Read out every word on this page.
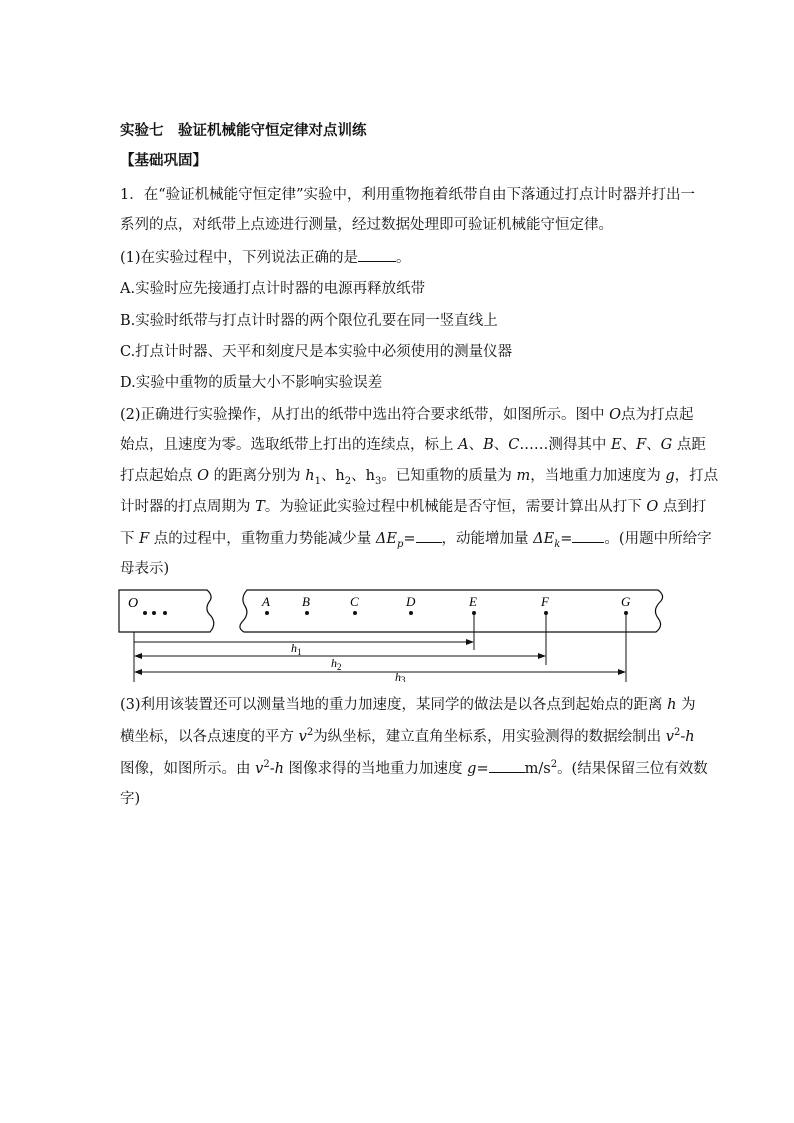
实验七　验证机械能守恒定律对点训练
【基础巩固】
1．在“验证机械能守恒定律”实验中，利用重物拖着纸带自由下落通过打点计时器并打出一
系列的点，对纸带上点迹进行测量，经过数据处理即可验证机械能守恒定律。
(1)在实验过程中，下列说法正确的是	。
A.实验时应先接通打点计时器的电源再释放纸带
B.实验时纸带与打点计时器的两个限位孔要在同一竖直线上
C.打点计时器、天平和刻度尺是本实验中必须使用的测量仪器
D.实验中重物的质量大小不影响实验误差
(2)正确进行实验操作，从打出的纸带中选出符合要求纸带，如图所示。图中 O点为打点起
始点，且速度为零。选取纸带上打出的连续点，标上 A、B、C……测得其中 E、F、G 点距
打点起始点 O 的距离分别为 $h_1$、$h_2$、$h_3$。已知重物的质量为 m，当地重力加速度为 g，打点
计时器的打点周期为 T。为验证此实验过程中机械能是否守恒，需要计算出从打下 O 点到打
下 F 点的过程中，重物重力势能减少量 $\Delta E_p=$ ，动能增加量 $\Delta E_k=$ 。(用题中所给字
母表示)
O	A B	C	D	E	F	G
$h_1$
$h_2$
h3
(3)利用该装置还可以测量当地的重力加速度，某同学的做法是以各点到起始点的距离 h 为
横坐标，以各点速度的平方 $v^2$为纵坐标，建立直角坐标系，用实验测得的数据绘制出 $v^2-h$
图像，如图所示。由 $v^2-h$ 图像求得的当地重力加速度 $g= m/s^2$。(结果保留三位有效数
字)
